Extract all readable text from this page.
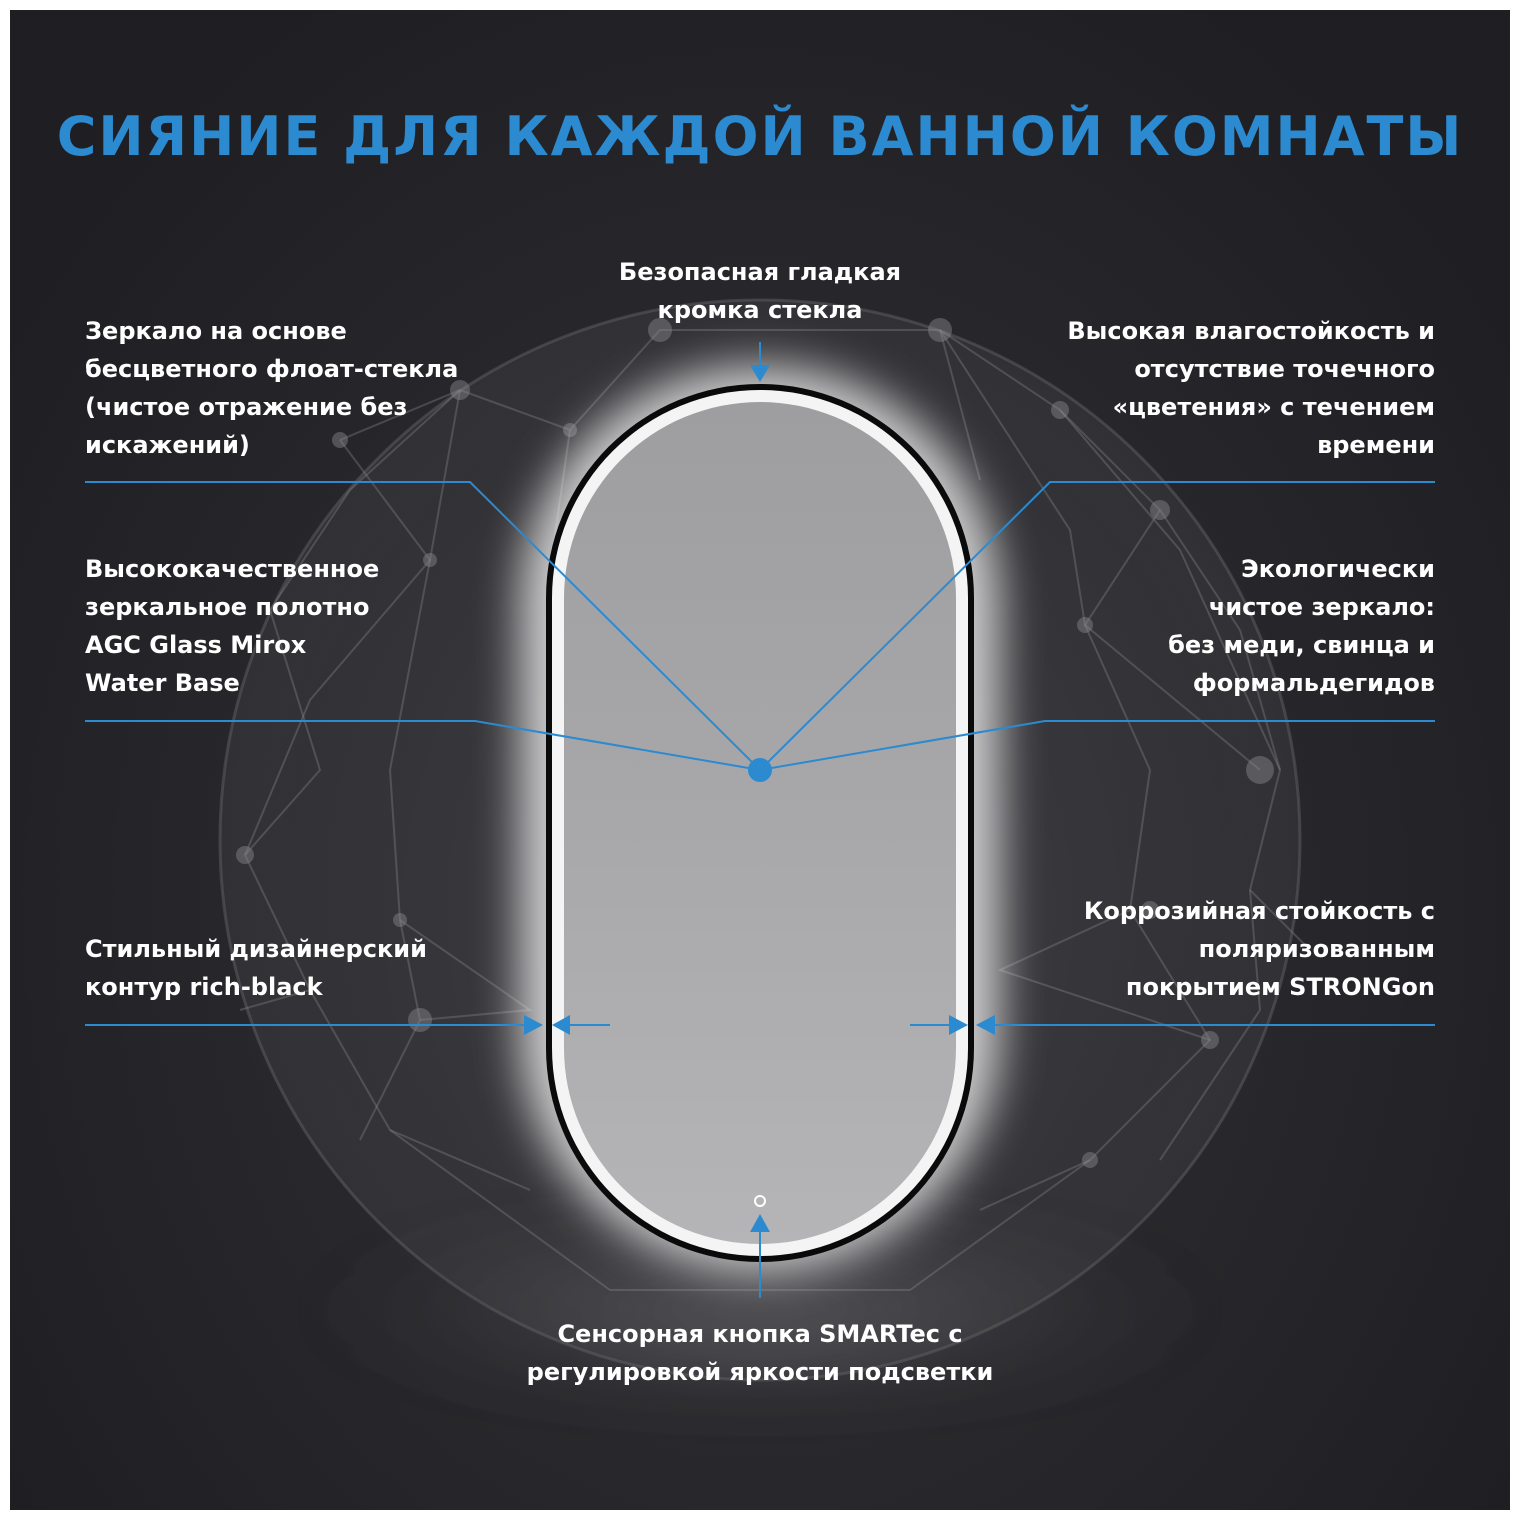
СИЯНИЕ ДЛЯ КАЖДОЙ ВАННОЙ КОМНАТЫ

Безопасная гладкая
кромка стекла

Зеркало на основе
бесцветного флоат-стекла
(чистое отражение без
искажений)

Высокая влагостойкость и
отсутствие точечного
«цветения» с течением
времени

Высококачественное
зеркальное полотно
AGC Glass Mirox
Water Base

Экологически
чистое зеркало:
без меди, свинца и
формальдегидов

Стильный дизайнерский
контур rich-black

Коррозийная стойкость с
поляризованным
покрытием STRONGon

Сенсорная кнопка SMARTec с
регулировкой яркости подсветки
